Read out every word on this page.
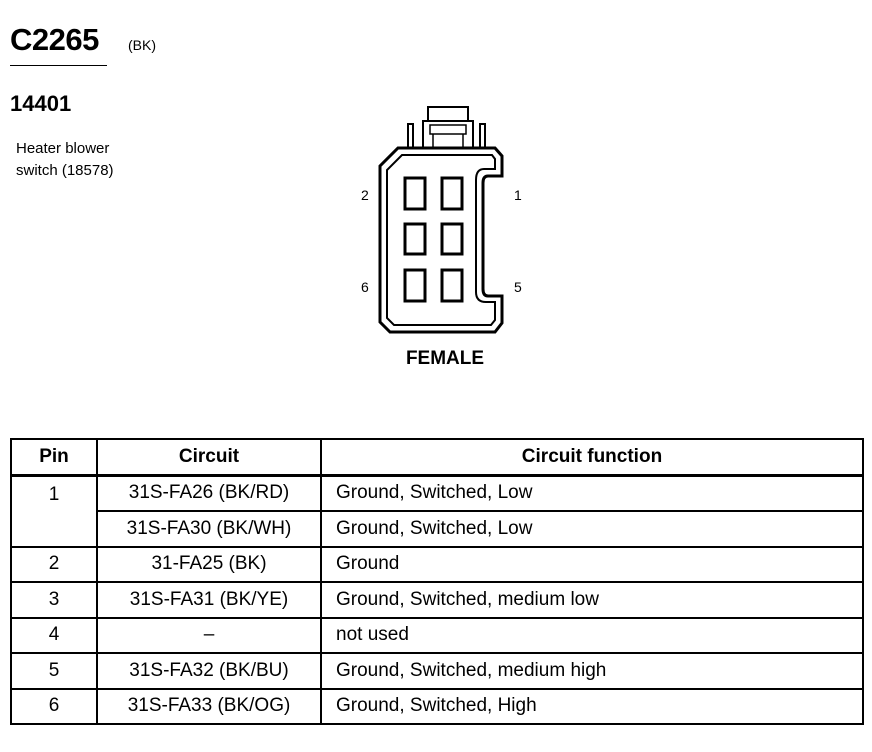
C2265 (BK)
14401
Heater blower
switch (18578)
2	1
6	5
FEMALE
Pin	Circuit	Circuit function
1	31S-FA26 (BK/RD)	Ground, Switched, Low
	31S-FA30 (BK/WH)	Ground, Switched, Low
2	31-FA25 (BK)	Ground
3	31S-FA31 (BK/YE)	Ground, Switched, medium low
4	–	not used
5	31S-FA32 (BK/BU)	Ground, Switched, medium high
6	31S-FA33 (BK/OG)	Ground, Switched, High
